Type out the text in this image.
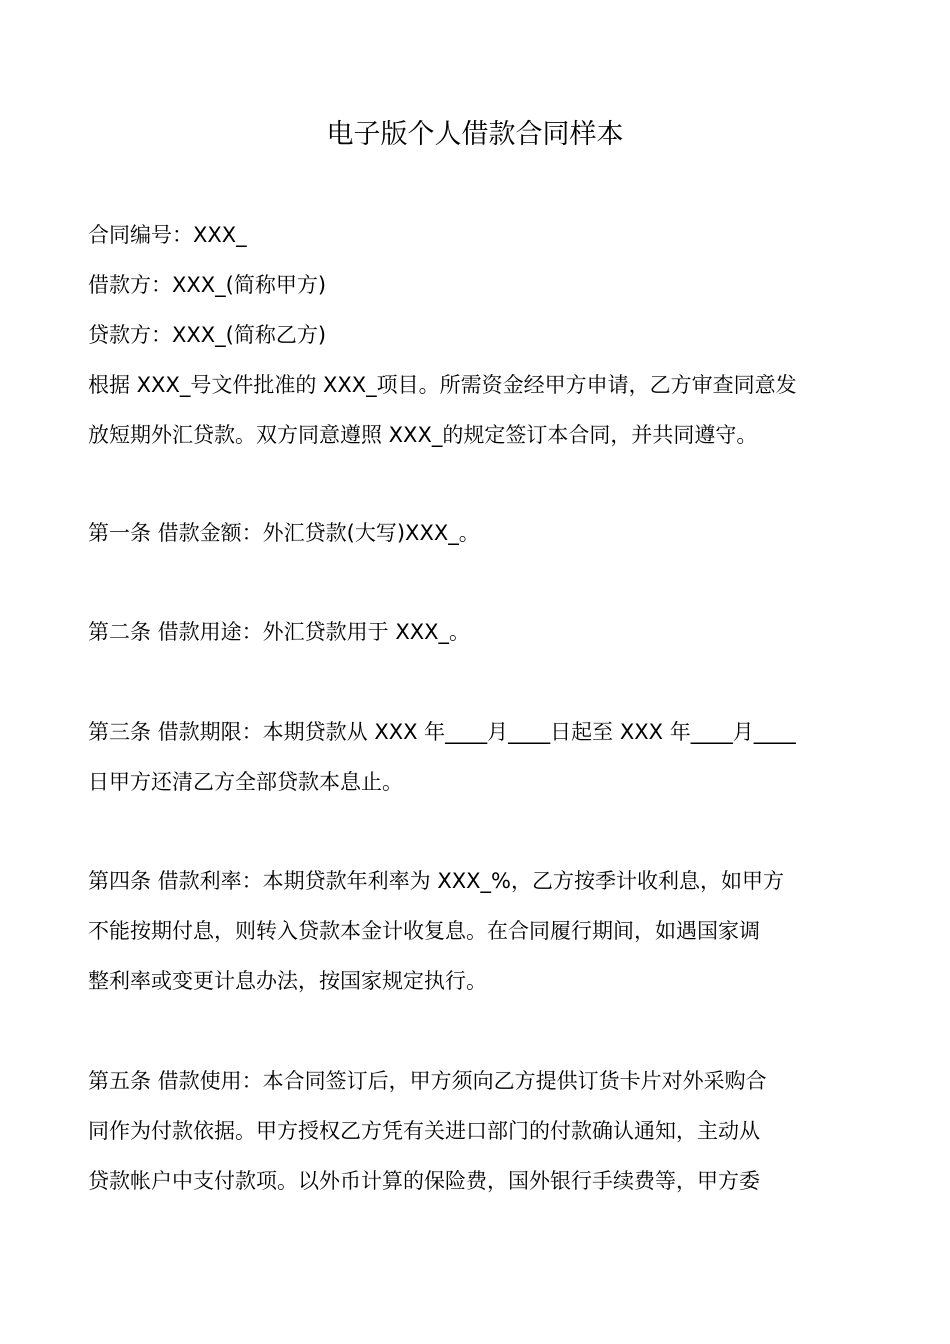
电子版个人借款合同样本

合同编号：XXX_

借款方：XXX_(简称甲方)

贷款方：XXX_(简称乙方)

根据 XXX_号文件批准的 XXX_项目。所需资金经甲方申请，乙方审查同意发

放短期外汇贷款。双方同意遵照 XXX_的规定签订本合同，并共同遵守。

第一条 借款金额：外汇贷款(大写)XXX_。

第二条 借款用途：外汇贷款用于 XXX_。

第三条 借款期限：本期贷款从 XXX 年____月____日起至 XXX 年____月____

日甲方还清乙方全部贷款本息止。

第四条 借款利率：本期贷款年利率为 XXX_%，乙方按季计收利息，如甲方

不能按期付息，则转入贷款本金计收复息。在合同履行期间，如遇国家调

整利率或变更计息办法，按国家规定执行。

第五条 借款使用：本合同签订后，甲方须向乙方提供订货卡片对外采购合

同作为付款依据。甲方授权乙方凭有关进口部门的付款确认通知，主动从

贷款帐户中支付款项。以外币计算的保险费，国外银行手续费等，甲方委
